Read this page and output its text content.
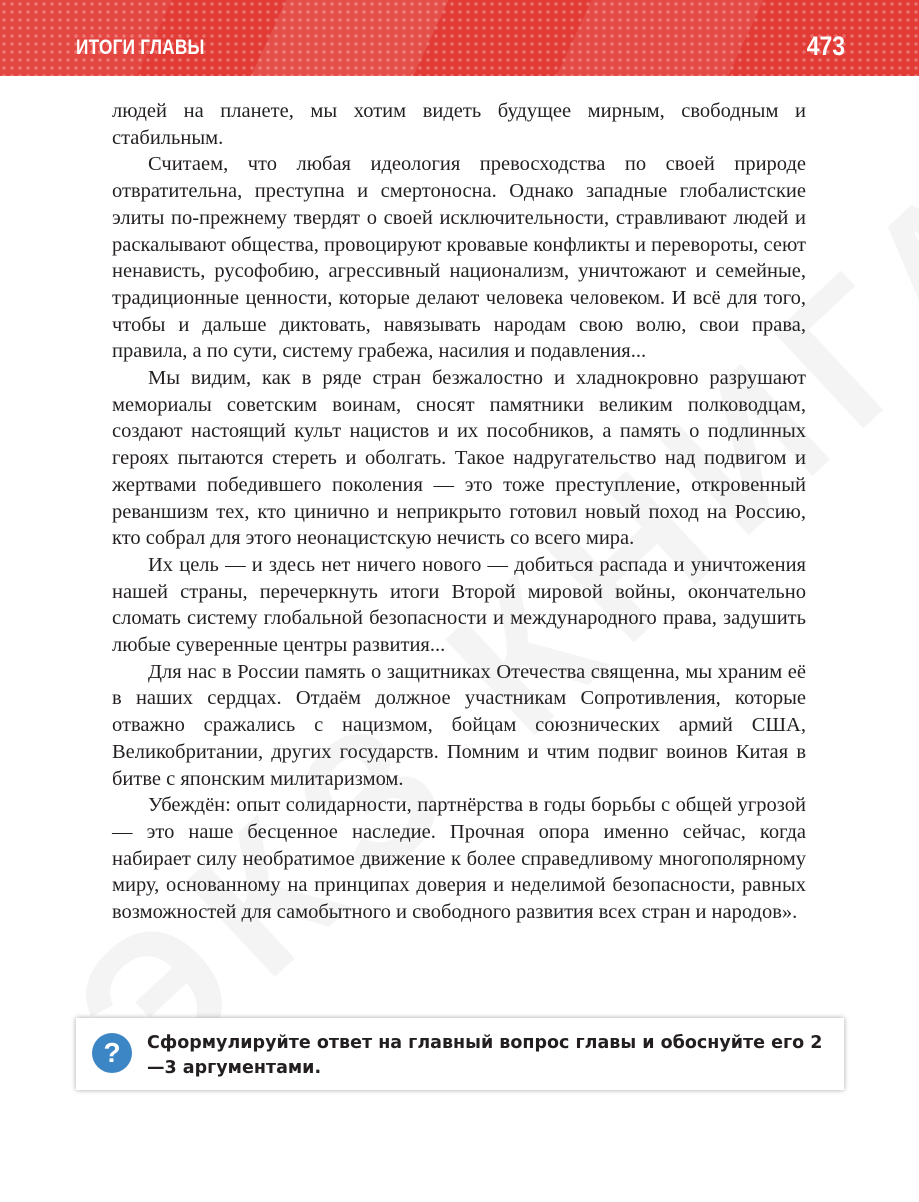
ИТОГИ ГЛАВЫ	473

людей на планете, мы хотим видеть будущее мирным, свободным и стабильным.

Считаем, что любая идеология превосходства по своей природе отвратительна, преступна и смертоносна. Однако западные глобалистские элиты по-прежнему твердят о своей исключительности, стравливают людей и раскалывают общества, провоцируют кровавые конфликты и перевороты, сеют ненависть, русофобию, агрессивный национализм, уничтожают и семейные, традиционные ценности, которые делают человека человеком. И всё для того, чтобы и дальше диктовать, навязывать народам свою волю, свои права, правила, а по сути, систему грабежа, насилия и подавления...

Мы видим, как в ряде стран безжалостно и хладнокровно разрушают мемориалы советским воинам, сносят памятники великим полководцам, создают настоящий культ нацистов и их пособников, а память о подлинных героях пытаются стереть и оболгать. Такое надругательство над подвигом и жертвами победившего поколения — это тоже преступление, откровенный реваншизм тех, кто цинично и неприкрыто готовил новый поход на Россию, кто собрал для этого неонацистскую нечисть со всего мира.

Их цель — и здесь нет ничего нового — добиться распада и уничтожения нашей страны, перечеркнуть итоги Второй мировой войны, окончательно сломать систему глобальной безопасности и международного права, задушить любые суверенные центры развития...

Для нас в России память о защитниках Отечества священна, мы храним её в наших сердцах. Отдаём должное участникам Сопротивления, которые отважно сражались с нацизмом, бойцам союзнических армий США, Великобритании, других государств. Помним и чтим подвиг воинов Китая в битве с японским милитаризмом.

Убеждён: опыт солидарности, партнёрства в годы борьбы с общей угрозой — это наше бесценное наследие. Прочная опора именно сейчас, когда набирает силу необратимое движение к более справедливому многополярному миру, основанному на принципах доверия и неделимой безопасности, равных возможностей для самобытного и свободного развития всех стран и народов».

?	Сформулируйте ответ на главный вопрос главы и обоснуйте его 2—3 аргументами.
